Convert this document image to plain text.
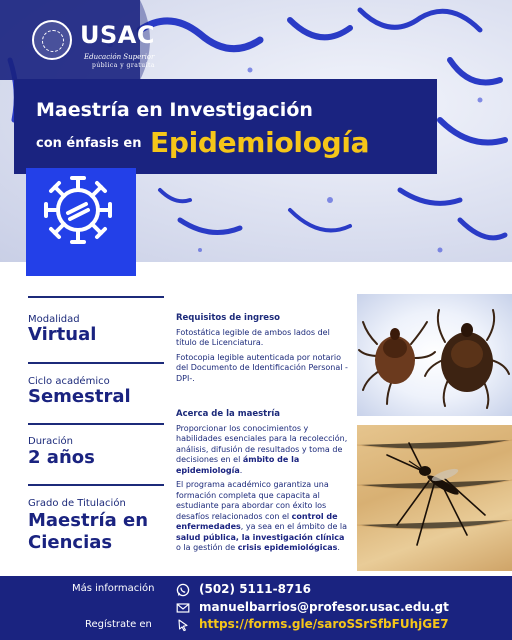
USAC
Educación Superior
pública y gratuita
Maestría en Investigación
con énfasis en Epidemiología
Modalidad
Virtual
Ciclo académico
Semestral
Duración
2 años
Grado de Titulación
Maestría en Ciencias
Requisitos de ingreso
Fotostática legible de ambos lados del título de Licenciatura.
Fotocopia legible autenticada por notario del Documento de Identificación Personal -DPI-.
Acerca de la maestría
Proporcionar los conocimientos y habilidades esenciales para la recolección, análisis, difusión de resultados y toma de decisiones en el ámbito de la epidemiología.
El programa académico garantiza una formación completa que capacita al estudiante para abordar con éxito los desafíos relacionados con el control de enfermedades, ya sea en el ámbito de la salud pública, la investigación clínica o la gestión de crisis epidemiológicas.
Más información
Regístrate en
(502) 5111-8716
manuelbarrios@profesor.usac.edu.gt
https://forms.gle/saroSSrSfbFUhjGE7
